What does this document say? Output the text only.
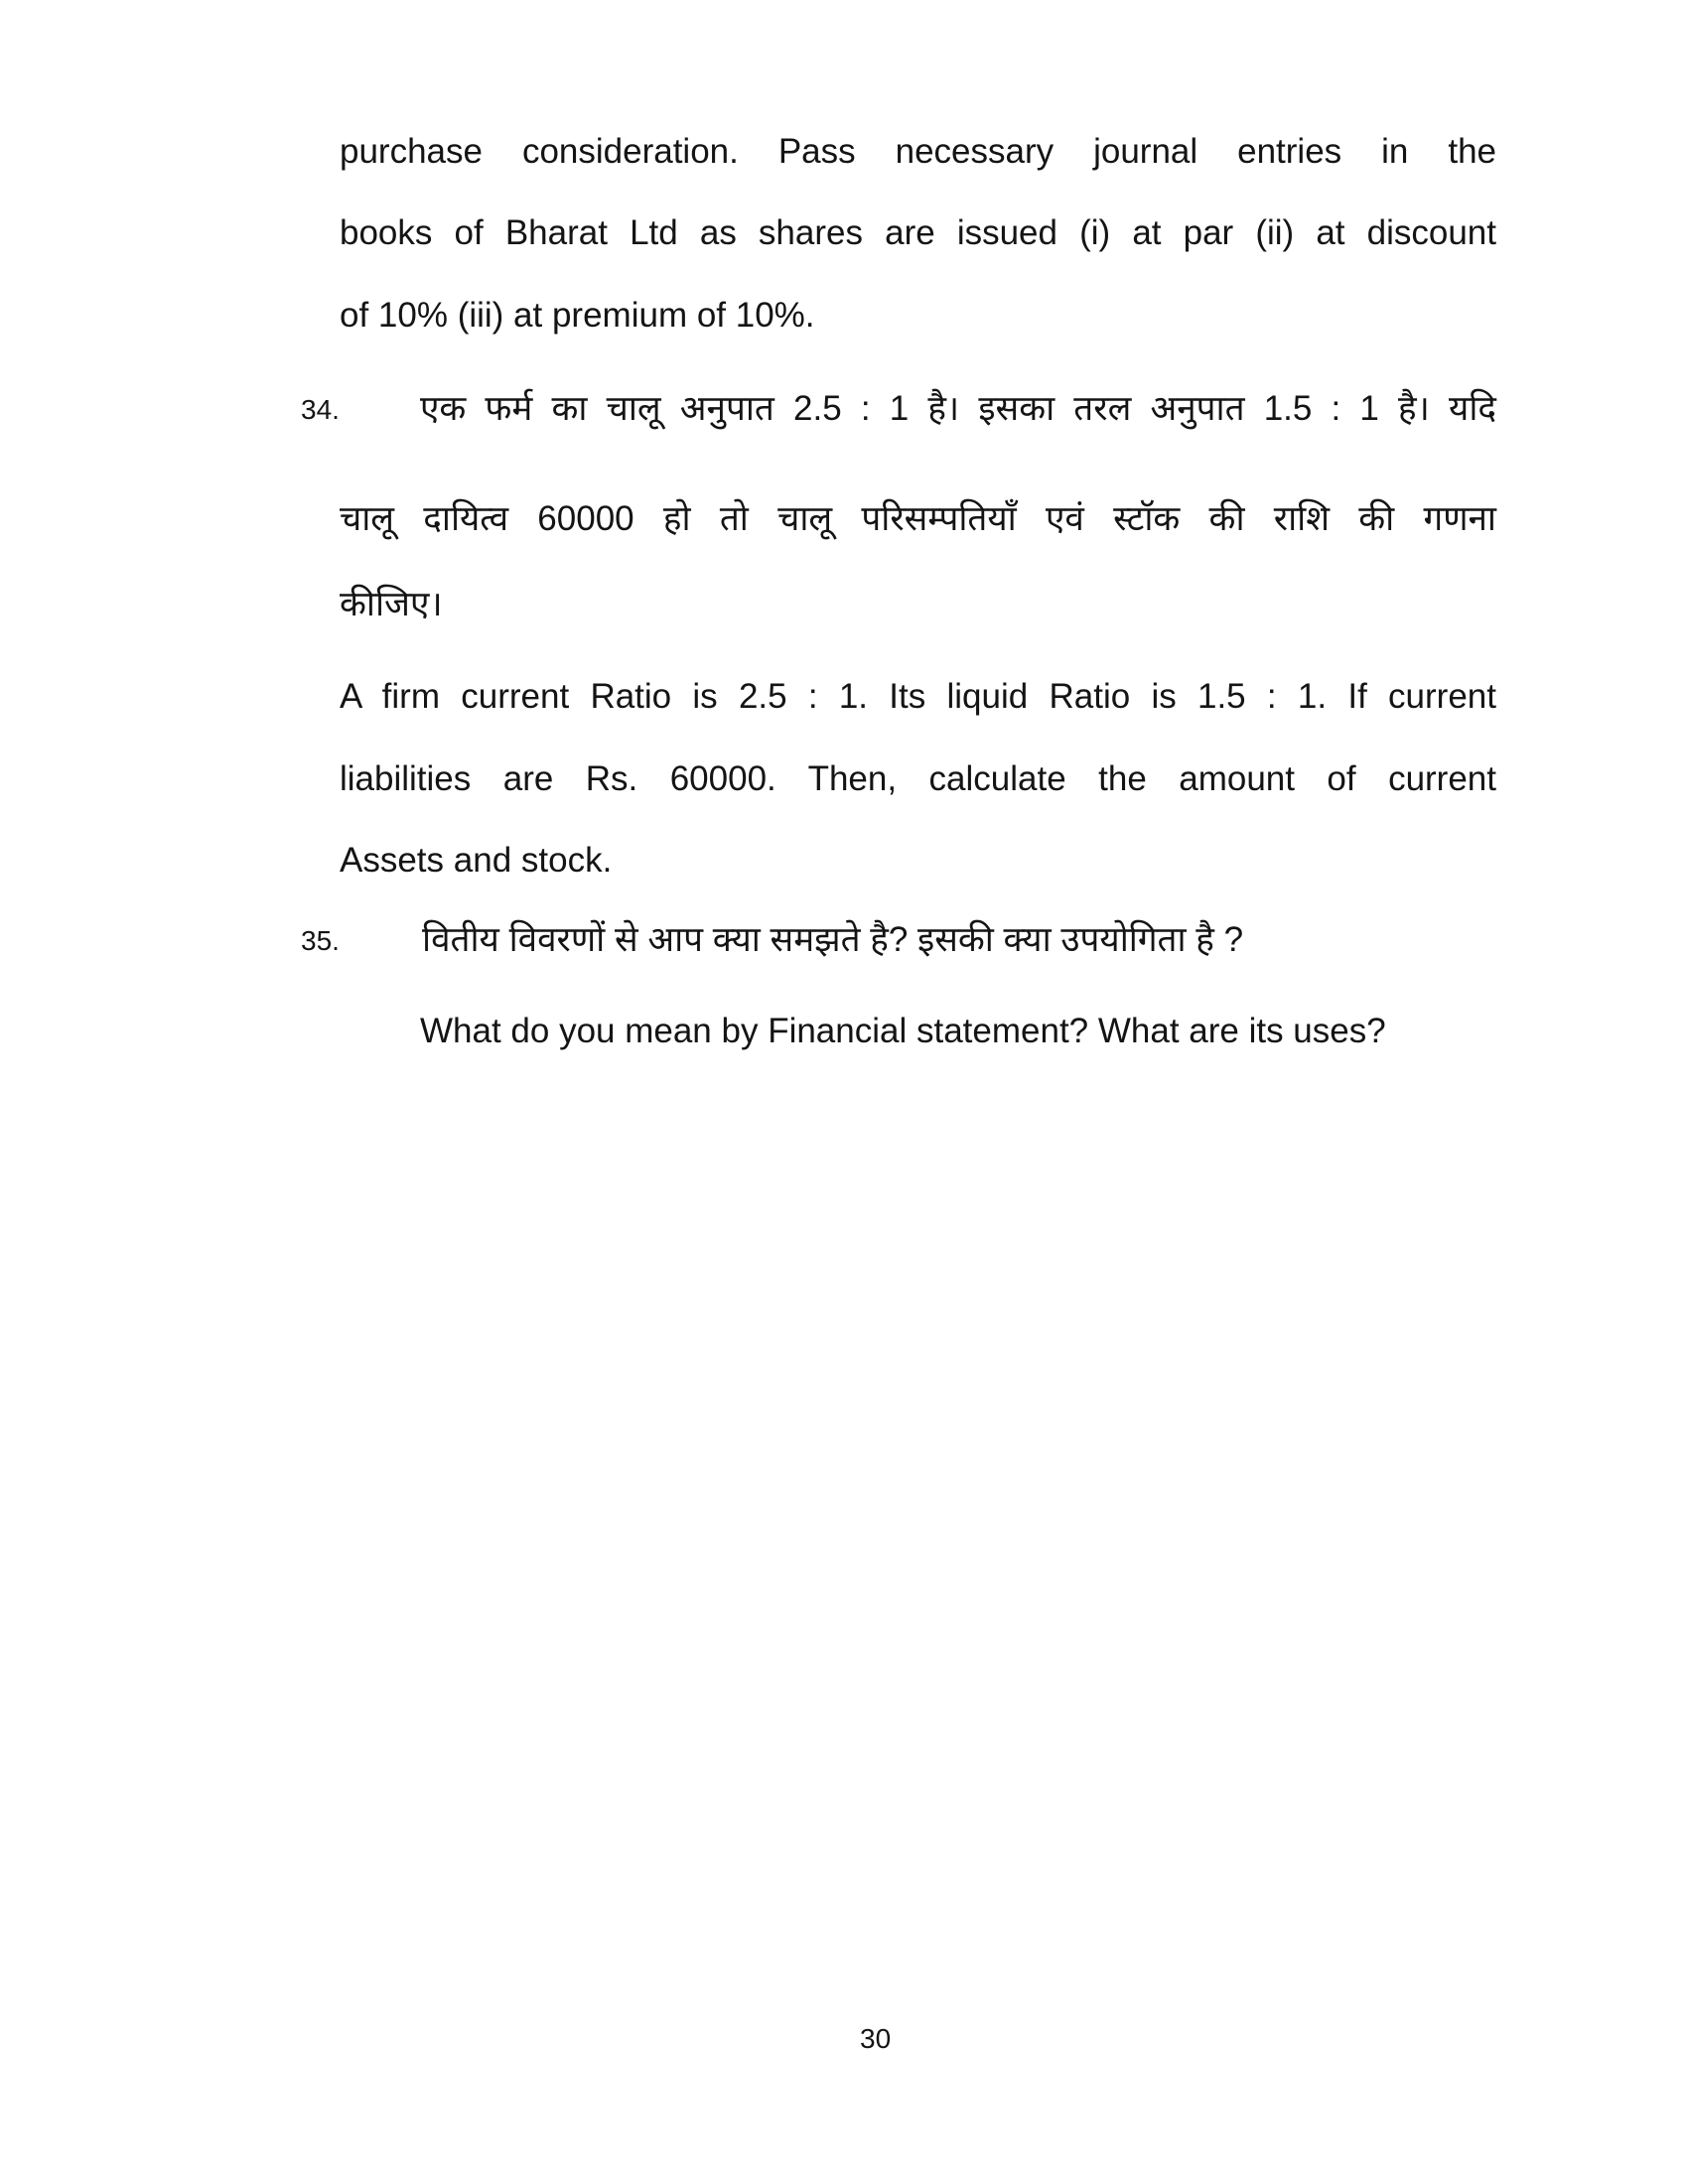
purchase consideration. Pass necessary journal entries in the
books of Bharat Ltd as shares are issued (i) at par (ii) at discount
of 10% (iii) at premium of 10%.
34. एक फर्म का चालू अनुपात 2.5 : 1 है। इसका तरल अनुपात 1.5 : 1 है। यदि
चालू दायित्व 60000 हो तो चालू परिसम्पतियाँ एवं स्टॉक की राशि की गणना
कीजिए।
A firm current Ratio is 2.5 : 1. Its liquid Ratio is 1.5 : 1. If current
liabilities are Rs. 60000. Then, calculate the amount of current
Assets and stock.
35. वितीय विवरणों से आप क्या समझते है? इसकी क्या उपयोगिता है ?
What do you mean by Financial statement? What are its uses?
30
